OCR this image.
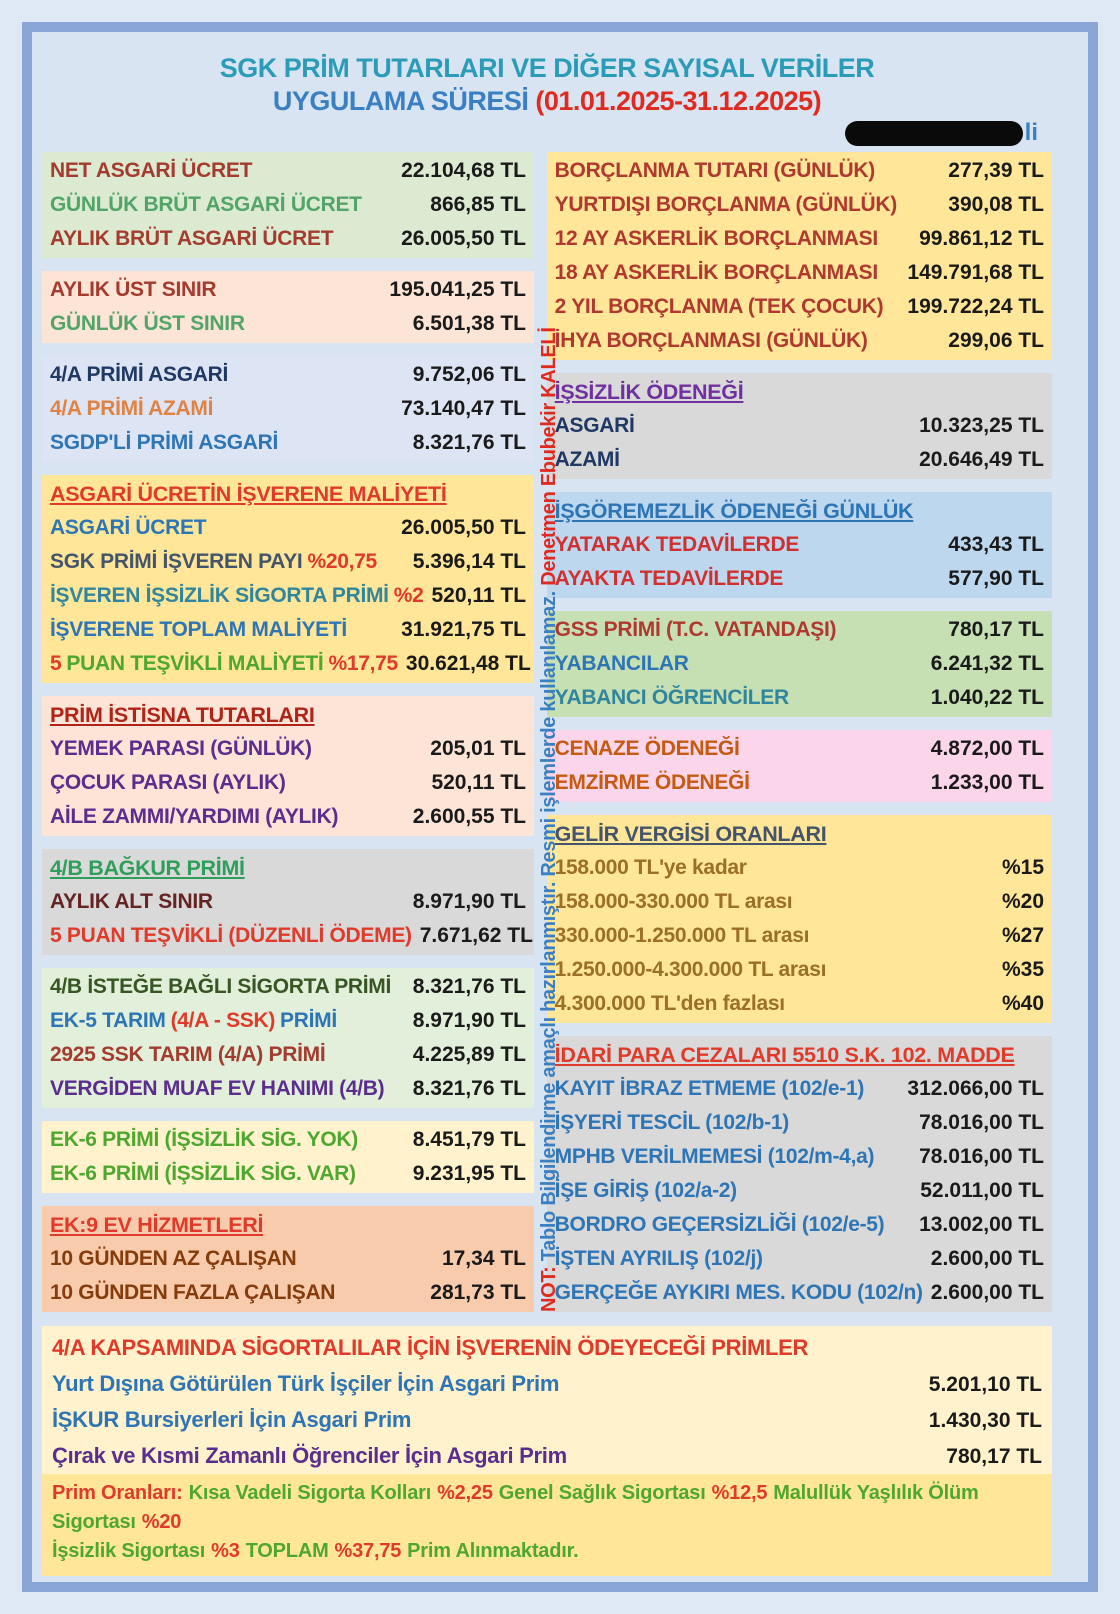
SGK PRİM TUTARLARI VE DİĞER SAYISAL VERİLER
UYGULAMA SÜRESİ (01.01.2025-31.12.2025)
li
NET ASGARİ ÜCRET	22.104,68 TL
GÜNLÜK BRÜT ASGARİ ÜCRET	866,85 TL
AYLIK BRÜT ASGARİ ÜCRET	26.005,50 TL
AYLIK ÜST SINIR	195.041,25 TL
GÜNLÜK ÜST SINIR	6.501,38 TL
4/A PRİMİ ASGARİ	9.752,06 TL
4/A PRİMİ AZAMİ	73.140,47 TL
SGDP'Lİ PRİMİ ASGARİ	8.321,76 TL
ASGARİ ÜCRETİN İŞVERENE MALİYETİ
ASGARİ ÜCRET	26.005,50 TL
SGK PRİMİ İŞVEREN PAYI %20,75	5.396,14 TL
İŞVEREN İŞSİZLİK SİGORTA PRİMİ %2 520,11 TL
İŞVERENE TOPLAM MALİYETİ	31.921,75 TL
5 PUAN TEŞVİKLİ MALİYETİ %17,75 30.621,48 TL
PRİM İSTİSNA TUTARLARI
YEMEK PARASI (GÜNLÜK)	205,01 TL
ÇOCUK PARASI (AYLIK)	520,11 TL
AİLE ZAMMI/YARDIMI (AYLIK)	2.600,55 TL
4/B BAĞKUR PRİMİ
AYLIK ALT SINIR	8.971,90 TL
5 PUAN TEŞVİKLİ (DÜZENLİ ÖDEME) 7.671,62 TL
4/B İSTEĞE BAĞLI SİGORTA PRİMİ	8.321,76 TL
EK-5 TARIM (4/A - SSK) PRİMİ	8.971,90 TL
2925 SSK TARIM (4/A) PRİMİ	4.225,89 TL
VERGİDEN MUAF EV HANIMI (4/B)	8.321,76 TL
EK-6 PRİMİ (İŞSİZLİK SİG. YOK)	8.451,79 TL
EK-6 PRİMİ (İŞSİZLİK SİG. VAR)	9.231,95 TL
EK:9 EV HİZMETLERİ
10 GÜNDEN AZ ÇALIŞAN	17,34 TL
10 GÜNDEN FAZLA ÇALIŞAN	281,73 TL NOT: Tablo Bilgilendirme amaçlı hazırlanmıştır. Resmi işlemlerde kullanılamaz. Denetmen Ebubekir KALELİ
BORÇLANMA TUTARI (GÜNLÜK)	277,39 TL
YURTDIŞI BORÇLANMA (GÜNLÜK)	390,08 TL
12 AY ASKERLİK BORÇLANMASI	99.861,12 TL
18 AY ASKERLİK BORÇLANMASI	149.791,68 TL
2 YIL BORÇLANMA (TEK ÇOCUK)	199.722,24 TL
İHYA BORÇLANMASI (GÜNLÜK)	299,06 TL
İŞSİZLİK ÖDENEĞİ
ASGARİ	10.323,25 TL
AZAMİ	20.646,49 TL
İŞGÖREMEZLİK ÖDENEĞİ GÜNLÜK
YATARAK TEDAVİLERDE	433,43 TL
AYAKTA TEDAVİLERDE	577,90 TL
GSS PRİMİ (T.C. VATANDAŞI)	780,17 TL
YABANCILAR	6.241,32 TL
YABANCI ÖĞRENCİLER	1.040,22 TL
CENAZE ÖDENEĞİ	4.872,00 TL
EMZİRME ÖDENEĞİ	1.233,00 TL
GELİR VERGİSİ ORANLARI
158.000 TL'ye kadar	%15
158.000-330.000 TL arası	%20
330.000-1.250.000 TL arası	%27
1.250.000-4.300.000 TL arası	%35
4.300.000 TL'den fazlası	%40
İDARİ PARA CEZALARI 5510 S.K. 102. MADDE
KAYIT İBRAZ ETMEME (102/e-1)	312.066,00 TL
İŞYERİ TESCİL (102/b-1)	78.016,00 TL
MPHB VERİLMEMESİ (102/m-4,a)	78.016,00 TL
İŞE GİRİŞ (102/a-2)	52.011,00 TL
BORDRO GEÇERSİZLİĞİ (102/e-5)	13.002,00 TL
İŞTEN AYRILIŞ (102/j)	2.600,00 TL
GERÇEĞE AYKIRI MES. KODU (102/n) 2.600,00 TL
4/A KAPSAMINDA SİGORTALILAR İÇİN İŞVERENİN ÖDEYECEĞİ PRİMLER
Yurt Dışına Götürülen Türk İşçiler İçin Asgari Prim	5.201,10 TL
İŞKUR Bursiyerleri İçin Asgari Prim	1.430,30 TL
Çırak ve Kısmi Zamanlı Öğrenciler İçin Asgari Prim	780,17 TL
Prim Oranları: Kısa Vadeli Sigorta Kolları %2,25 Genel Sağlık Sigortası %12,5 Malullük Yaşlılık Ölüm Sigortası %20
İşsizlik Sigortası %3 TOPLAM %37,75 Prim Alınmaktadır.
